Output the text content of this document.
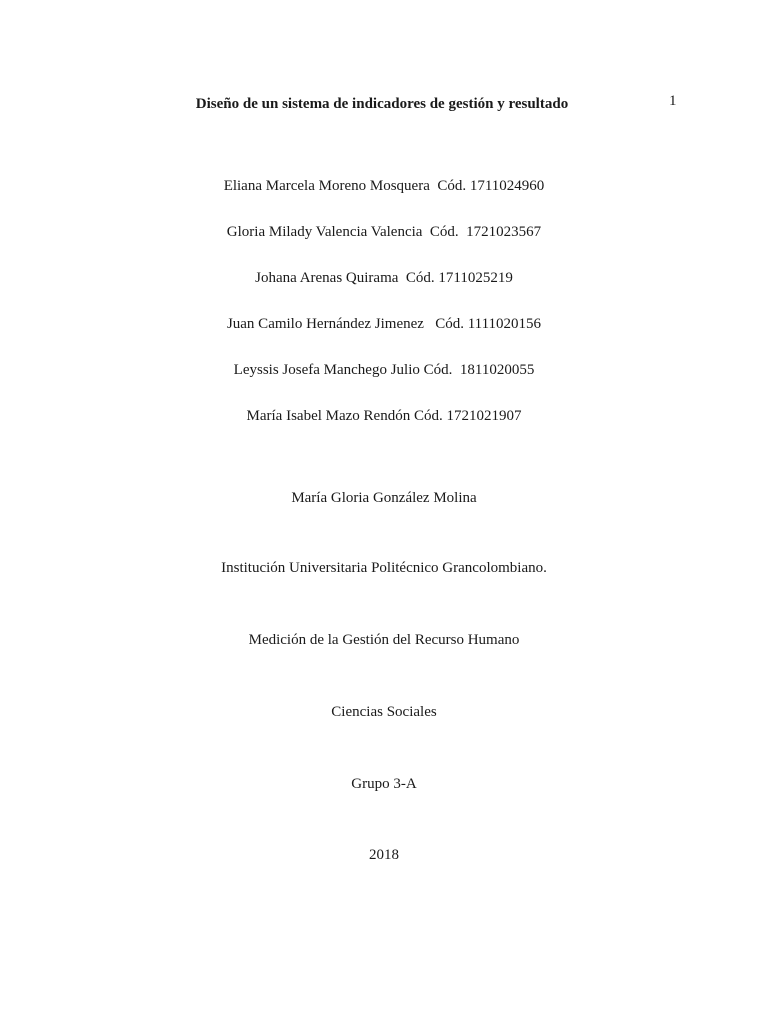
1
Diseño de un sistema de indicadores de gestión y resultado
Eliana Marcela Moreno Mosquera  Cód. 1711024960
Gloria Milady Valencia Valencia  Cód.  1721023567
Johana Arenas Quirama  Cód. 1711025219
Juan Camilo Hernández Jimenez   Cód. 1111020156
Leyssis Josefa Manchego Julio Cód.  1811020055
María Isabel Mazo Rendón Cód. 1721021907
María Gloria González Molina
Institución Universitaria Politécnico Grancolombiano.
Medición de la Gestión del Recurso Humano
Ciencias Sociales
Grupo 3-A
2018
